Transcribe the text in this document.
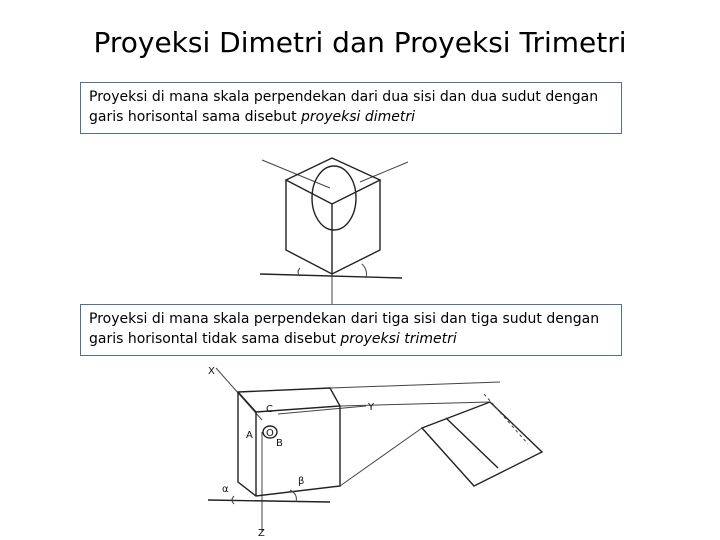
Proyeksi Dimetri dan Proyeksi Trimetri
Proyeksi di mana skala perpendekan dari dua sisi dan dua sudut dengan garis horisontal sama disebut proyeksi dimetri
X
Y
Z
C
O
A
B
α
β
Proyeksi di mana skala perpendekan dari tiga sisi dan tiga sudut dengan garis horisontal tidak sama disebut proyeksi trimetri
